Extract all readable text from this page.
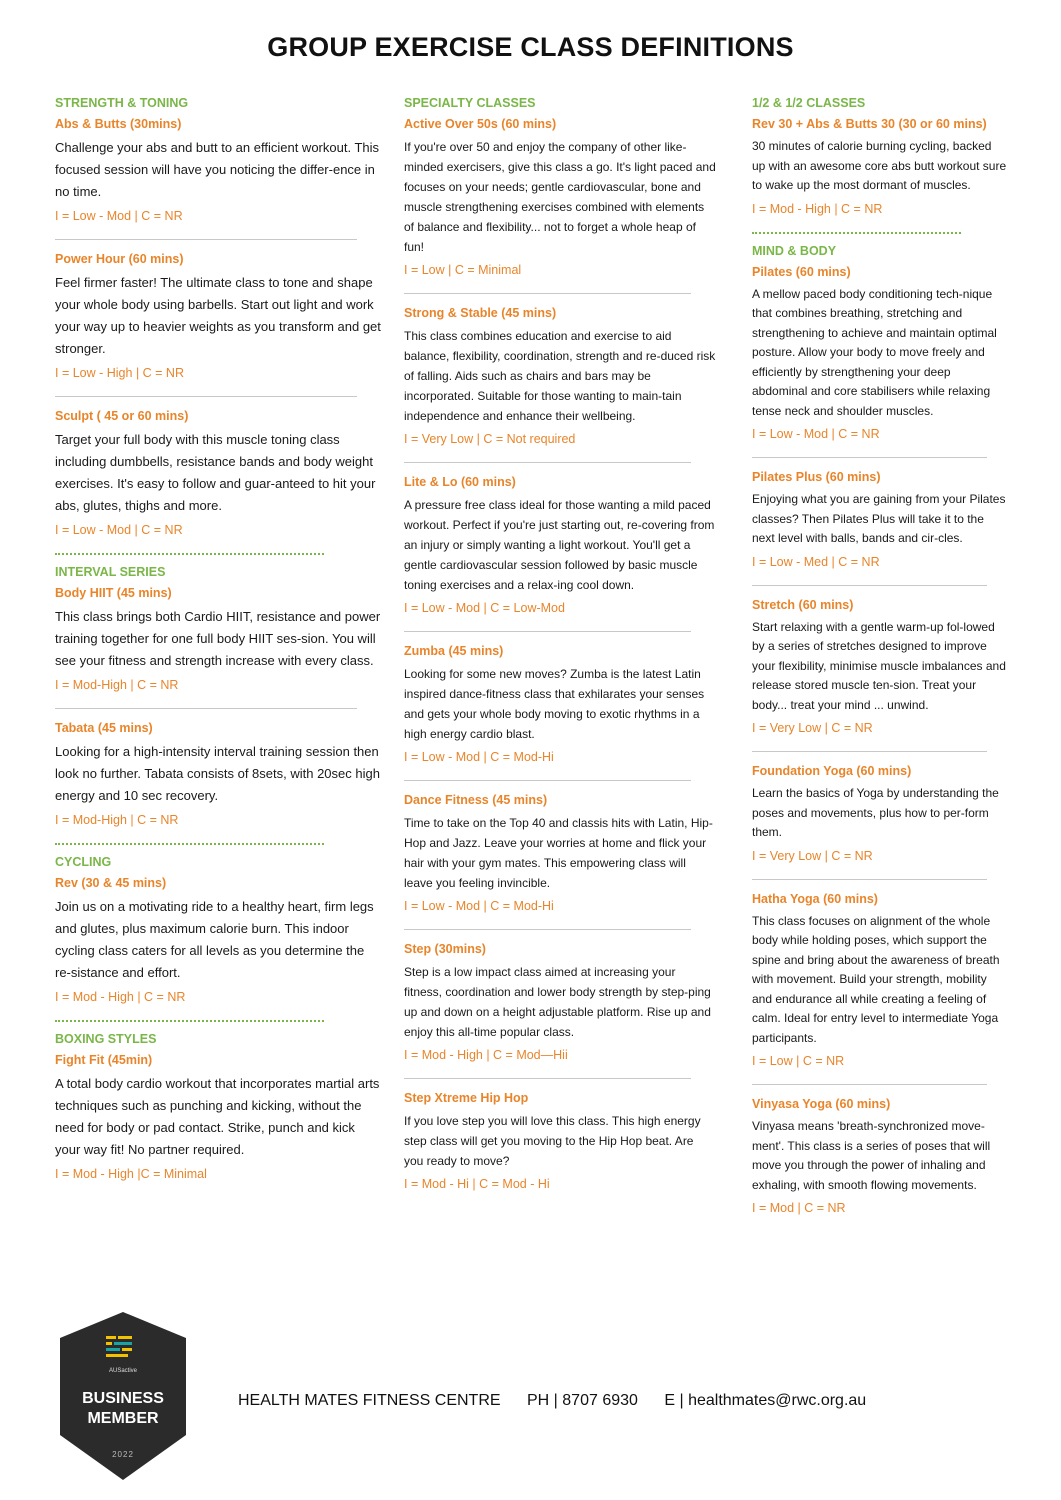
GROUP EXERCISE CLASS DEFINITIONS
STRENGTH & TONING
Abs & Butts (30mins)
Challenge your abs and butt to an efficient workout. This focused session will have you noticing the differ-ence in no time.
I = Low - Mod | C = NR
Power Hour (60 mins)
Feel firmer faster! The ultimate class to tone and shape your whole body using barbells. Start out light and work your way up to heavier weights as you transform and get stronger.
I = Low - High | C = NR
Sculpt ( 45 or 60 mins)
Target your full body with this muscle toning class including dumbbells, resistance bands and body weight exercises. It's easy to follow and guar-anteed to hit your abs, glutes, thighs and more.
I = Low - Mod | C = NR
INTERVAL SERIES
Body HIIT (45 mins)
This class brings both Cardio HIIT, resistance and power training together for one full body HIIT ses-sion. You will see your fitness and strength increase with every class.
I = Mod-High | C = NR
Tabata (45 mins)
Looking for a high-intensity interval training session then look no further. Tabata consists of 8sets, with 20sec high energy and 10 sec recovery.
I = Mod-High | C = NR
CYCLING
Rev (30 & 45 mins)
Join us on a motivating ride to a healthy heart, firm legs and glutes, plus maximum calorie burn. This indoor cycling class caters for all levels as you determine the re-sistance and effort.
I = Mod - High | C = NR
BOXING STYLES
Fight Fit (45min)
A total body cardio workout that incorporates martial arts techniques such as punching and kicking, without the need for body or pad contact. Strike, punch and kick your way fit! No partner required.
I = Mod - High |C = Minimal
SPECIALTY CLASSES
Active Over 50s (60 mins)
If you're over 50 and enjoy the company of other like-minded exercisers, give this class a go. It's light paced and focuses on your needs; gentle cardiovascular, bone and muscle strengthening exercises combined with elements of balance and flexibility... not to forget a whole heap of fun!
I = Low | C = Minimal
Strong & Stable (45 mins)
This class combines education and exercise to aid balance, flexibility, coordination, strength and re-duced risk of falling. Aids such as chairs and bars may be incorporated. Suitable for those wanting to main-tain independence and enhance their wellbeing.
I = Very Low | C = Not required
Lite & Lo (60 mins)
A pressure free class ideal for those wanting a mild paced workout. Perfect if you're just starting out, re-covering from an injury or simply wanting a light workout. You'll get a gentle cardiovascular session followed by basic muscle toning exercises and a relax-ing cool down.
I = Low - Mod | C = Low-Mod
Zumba (45 mins)
Looking for some new moves? Zumba is the latest Latin inspired dance-fitness class that exhilarates your senses and gets your whole body moving to exotic rhythms in a high energy cardio blast.
I = Low - Mod | C = Mod-Hi
Dance Fitness (45 mins)
Time to take on the Top 40 and classis hits with Latin, Hip-Hop and Jazz. Leave your worries at home and flick your hair with your gym mates. This empowering class will leave you feeling invincible.
I = Low - Mod | C = Mod-Hi
Step (30mins)
Step is a low impact class aimed at increasing your fitness, coordination and lower body strength by step-ping up and down on a height adjustable platform. Rise up and enjoy this all-time popular class.
I = Mod - High | C = Mod—Hii
Step Xtreme Hip Hop
If you love step you will love this class. This high energy step class will get you moving to the Hip Hop beat. Are you ready to move?
I = Mod - Hi | C = Mod - Hi
1/2 & 1/2 CLASSES
Rev 30 + Abs & Butts 30 (30 or 60 mins)
30 minutes of calorie burning cycling, backed up with an awesome core abs butt workout sure to wake up the most dormant of muscles.
I = Mod - High | C = NR
MIND & BODY
Pilates (60 mins)
A mellow paced body conditioning tech-nique that combines breathing, stretching and strengthening to achieve and maintain optimal posture. Allow your body to move freely and efficiently by strengthening your deep abdominal and core stabilisers while relaxing tense neck and shoulder muscles.
I = Low - Mod | C = NR
Pilates Plus (60 mins)
Enjoying what you are gaining from your Pilates classes? Then Pilates Plus will take it to the next level with balls, bands and cir-cles.
I = Low - Med | C = NR
Stretch (60 mins)
Start relaxing with a gentle warm-up fol-lowed by a series of stretches designed to improve your flexibility, minimise muscle imbalances and release stored muscle ten-sion. Treat your body... treat your mind ... unwind.
I = Very Low | C = NR
Foundation Yoga (60 mins)
Learn the basics of Yoga by understanding the poses and movements, plus how to per-form them.
I = Very Low | C = NR
Hatha Yoga (60 mins)
This class focuses on alignment of the whole body while holding poses, which support the spine and bring about the awareness of breath with movement. Build your strength, mobility and endurance all while creating a feeling of calm. Ideal for entry level to intermediate Yoga participants.
I = Low | C = NR
Vinyasa Yoga (60 mins)
Vinyasa means 'breath-synchronized move-ment'. This class is a series of poses that will move you through the power of inhaling and exhaling, with smooth flowing movements.
I = Mod | C = NR
AUSactive
BUSINESS
MEMBER
2022
HEALTH MATES FITNESS CENTRE PH | 8707 6930 E | healthmates@rwc.org.au
